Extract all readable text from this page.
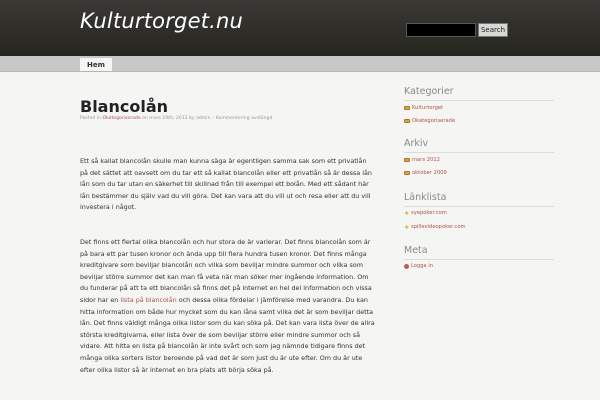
Kulturtorget.nu	Search
Hem
Blancolån
Posted in Okategoriserade on mars 19th, 2012 by admin – Kommentering avstängd
Ett så kallat blancolån skulle man kunna säga är egentligen samma sak som ett privatlån
på det sättet att oavsett om du tar ett så kallat blancolån eller ett privatlån så är dessa lån
lån som du tar utan en säkerhet till skillnad från till exempel ett bolån. Med ett sådant här
lån bestämmer du själv vad du vill göra. Det kan vara att du vill ut och resa eller att du vill
investera i något.
Det finns ett flertal olika blancolån och hur stora de är varierar. Det finns blancolån som är
på bara ett par tusen kronor och ända upp till flera hundra tusen kronor. Det finns många
kreditgivare som beviljar blancolån och vilka som beviljar mindre summor och vilka som
beviljar större summor det kan man få veta när man söker mer ingående information. Om
du funderar på att ta ett blancolån så finns det på internet en hel del information och vissa
sidor har en lista på blancolån och dessa olika fördelar i jämförelse med varandra. Du kan
hitta information om både hur mycket som du kan låna samt vilka det är som beviljar detta
lån. Det finns väldigt många olika listor som du kan söka på. Det kan vara lista över de allra
största kreditgivarna, eller lista över de som beviljar större eller mindre summor och så
vidare. Att hitta en lista på blancolån är inte svårt och som jag nämnde tidigare finns det
många olika sorters listor beroende på vad det är som just du är ute efter. Om du är ute
efter olika listor så är internet en bra plats att börja söka på.
Kategorier
Kulturtorget
Okategoriserade
Arkiv
mars 2012
oktober 2009
Länklista
★ syepoker.com
★ spillevideopoker.com
Meta
Logga in
